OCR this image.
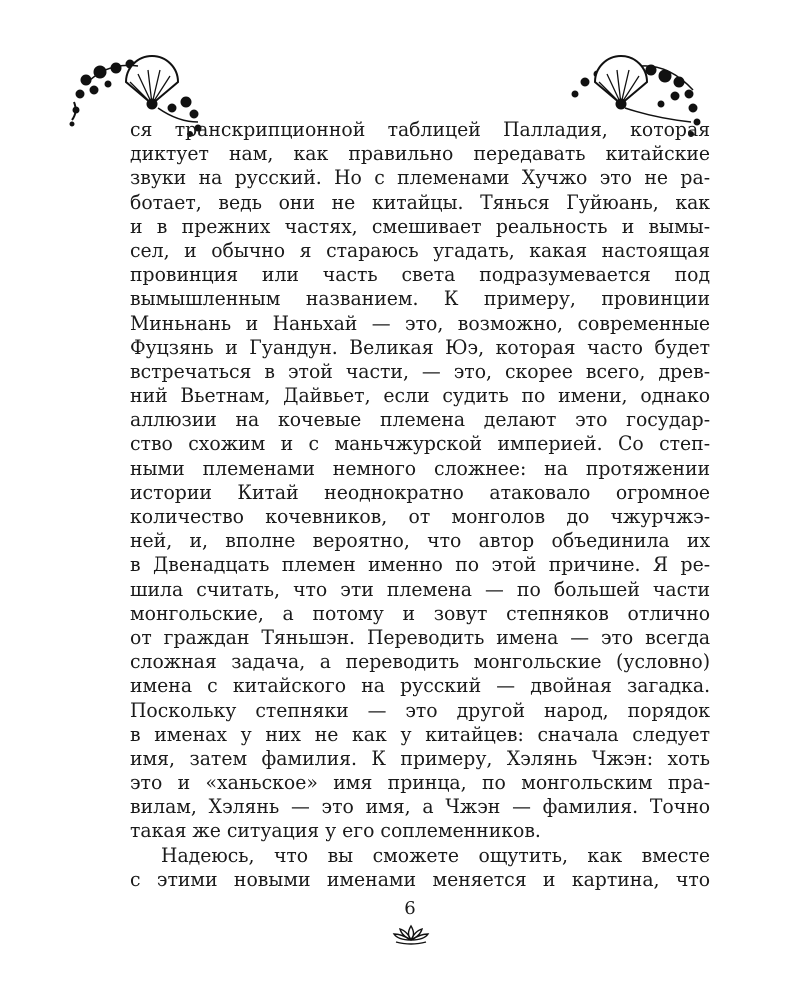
ся транскрипционной таблицей Палладия, которая
диктует нам, как правильно передавать китайские
звуки на русский. Но с племенами Хучжо это не ра-
ботает, ведь они не китайцы. Тянься Гуйюань, как
и в прежних частях, смешивает реальность и вымы-
сел, и обычно я стараюсь угадать, какая настоящая
провинция или часть света подразумевается под
вымышленным названием. К примеру, провинции
Миньнань и Наньхай — это, возможно, современные
Фуцзянь и Гуандун. Великая Юэ, которая часто будет
встречаться в этой части, — это, скорее всего, древ-
ний Вьетнам, Дайвьет, если судить по имени, однако
аллюзии на кочевые племена делают это государ-
ство схожим и с маньчжурской империей. Со степ-
ными племенами немного сложнее: на протяжении
истории Китай неоднократно атаковало огромное
количество кочевников, от монголов до чжурчжэ-
ней, и, вполне вероятно, что автор объединила их
в Двенадцать племен именно по этой причине. Я ре-
шила считать, что эти племена — по большей части
монгольские, а потому и зовут степняков отлично
от граждан Тяньшэн. Переводить имена — это всегда
сложная задача, а переводить монгольские (условно)
имена с китайского на русский — двойная загадка.
Поскольку степняки — это другой народ, порядок
в именах у них не как у китайцев: сначала следует
имя, затем фамилия. К примеру, Хэлянь Чжэн: хоть
это и «ханьское» имя принца, по монгольским пра-
вилам, Хэлянь — это имя, а Чжэн — фамилия. Точно
такая же ситуация у его соплеменников.
Надеюсь, что вы сможете ощутить, как вместе
с этими новыми именами меняется и картина, что
6
